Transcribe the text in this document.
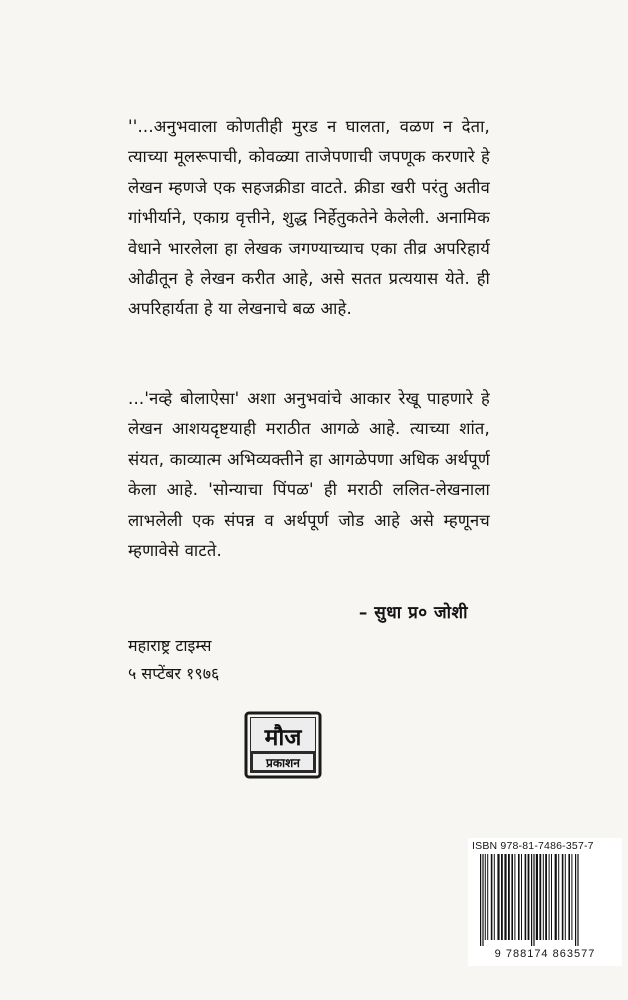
''...अनुभवाला कोणतीही मुरड न घालता, वळण न देता, त्याच्या मूलरूपाची, कोवळ्या ताजेपणाची जपणूक करणारे हे लेखन म्हणजे एक सहजक्रीडा वाटते. क्रीडा खरी परंतु अतीव गांभीर्याने, एकाग्र वृत्तीने, शुद्ध निर्हेतुकतेने केलेली. अनामिक वेधाने भारलेला हा लेखक जगण्याच्याच एका तीव्र अपरिहार्य ओढीतून हे लेखन करीत आहे, असे सतत प्रत्ययास येते. ही अपरिहार्यता हे या लेखनाचे बळ आहे.

...'नव्हे बोलाऐसा' अशा अनुभवांचे आकार रेखू पाहणारे हे लेखन आशयदृष्टयाही मराठीत आगळे आहे. त्याच्या शांत, संयत, काव्यात्म अभिव्यक्तीने हा आगळेपणा अधिक अर्थपूर्ण केला आहे. 'सोन्याचा पिंपळ' ही मराठी ललित-लेखनाला लाभलेली एक संपन्न व अर्थपूर्ण जोड आहे असे म्हणूनच म्हणावेसे वाटते.

– सुधा प्र० जोशी
महाराष्ट्र टाइम्स
५ सप्टेंबर १९७६
मौज
प्रकाशन
ISBN 978-81-7486-357-7
9 788174 863577
